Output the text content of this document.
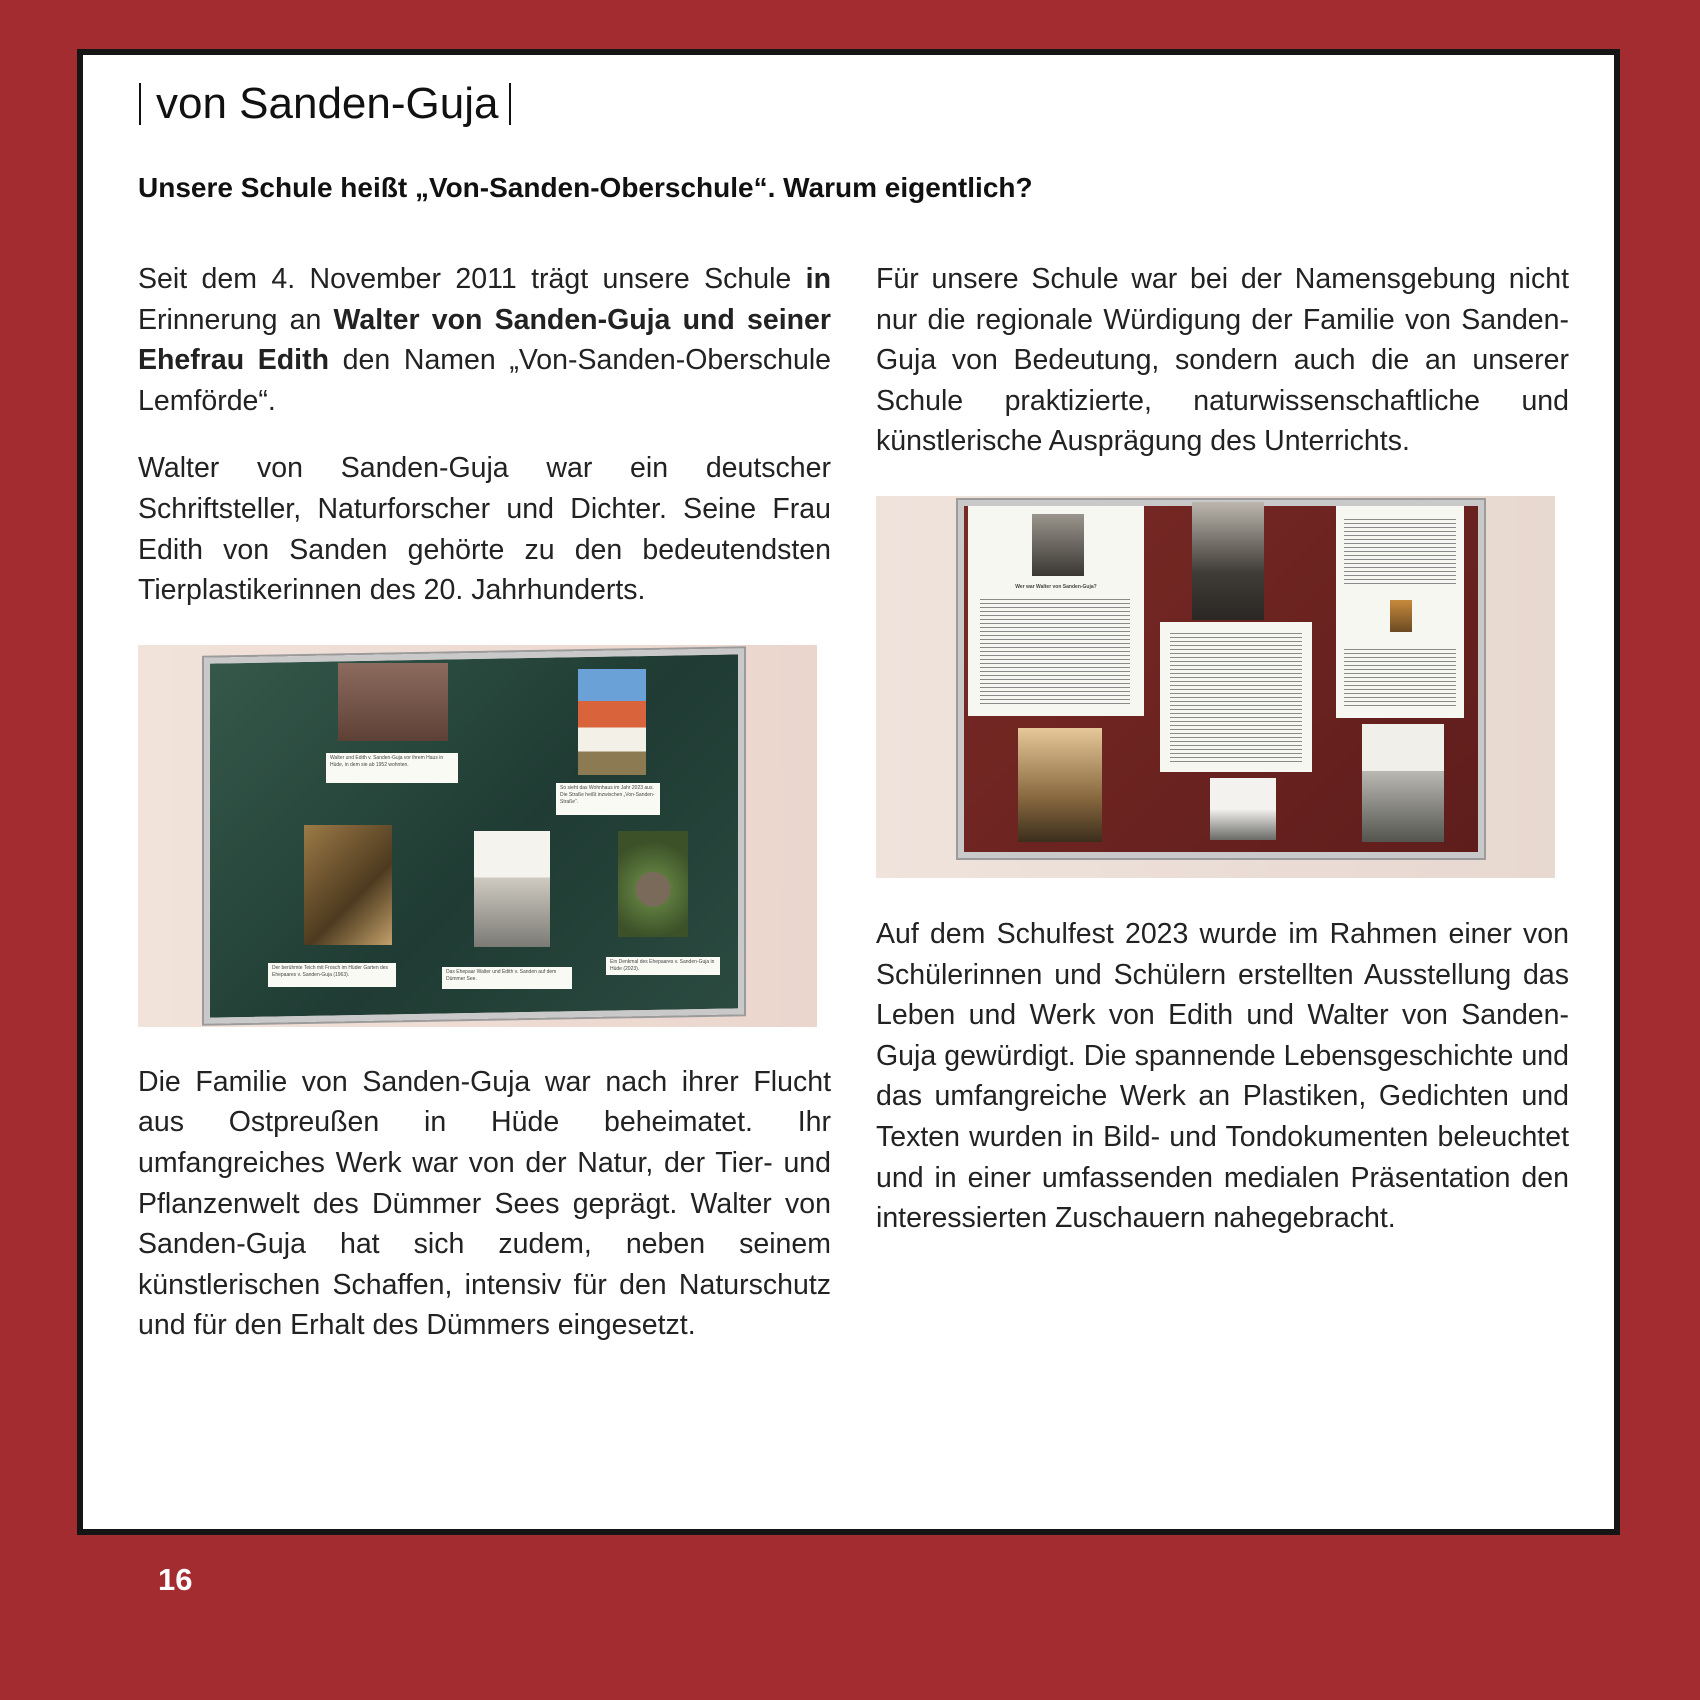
von Sanden-Guja
Unsere Schule heißt „Von-Sanden-Oberschule“. Warum eigentlich?

Seit dem 4. November 2011 trägt unsere Schule in Erinnerung an Walter von Sanden-Guja und seiner Ehefrau Edith den Namen „Von-Sanden-Oberschule Lemförde“.

Walter von Sanden-Guja war ein deutscher Schriftsteller, Naturforscher und Dichter. Seine Frau Edith von Sanden gehörte zu den bedeutendsten Tierplastikerinnen des 20. Jahrhunderts.

Walter und Edith v. Sanden-Guja vor ihrem Haus in Hüde, in dem sie ab 1952 wohnten.
So sieht das Wohnhaus im Jahr 2023 aus. Die Straße heißt inzwischen „Von-Sanden-Straße“.
Der berühmte Teich mit Frosch im Hüder Garten des Ehepaares v. Sanden-Guja (1963).	Das Ehepaar Walter und Edith v. Sanden auf dem Dümmer See.
Ein Denkmal des Ehepaares v. Sanden-Guja in Hüde (2023).

Die Familie von Sanden-Guja war nach ihrer Flucht aus Ostpreußen in Hüde beheimatet. Ihr umfangreiches Werk war von der Natur, der Tier- und Pflanzenwelt des Dümmer Sees geprägt. Walter von Sanden-Guja hat sich zudem, neben seinem künstlerischen Schaffen, intensiv für den Naturschutz und für den Erhalt des Dümmers eingesetzt.

Für unsere Schule war bei der Namensgebung nicht nur die regionale Würdigung der Familie von Sanden-Guja von Bedeutung, sondern auch die an unserer Schule praktizierte, naturwissenschaftliche und künstlerische Ausprägung des Unterrichts.

Wer war Walter von Sanden-Guja?

Auf dem Schulfest 2023 wurde im Rahmen einer von Schülerinnen und Schülern erstellten Ausstellung das Leben und Werk von Edith und Walter von Sanden-Guja gewürdigt. Die spannende Lebensgeschichte und das umfangreiche Werk an Plastiken, Gedichten und Texten wurden in Bild- und Tondokumenten beleuchtet und in einer umfassenden medialen Präsentation den interessierten Zuschauern nahegebracht.

16
